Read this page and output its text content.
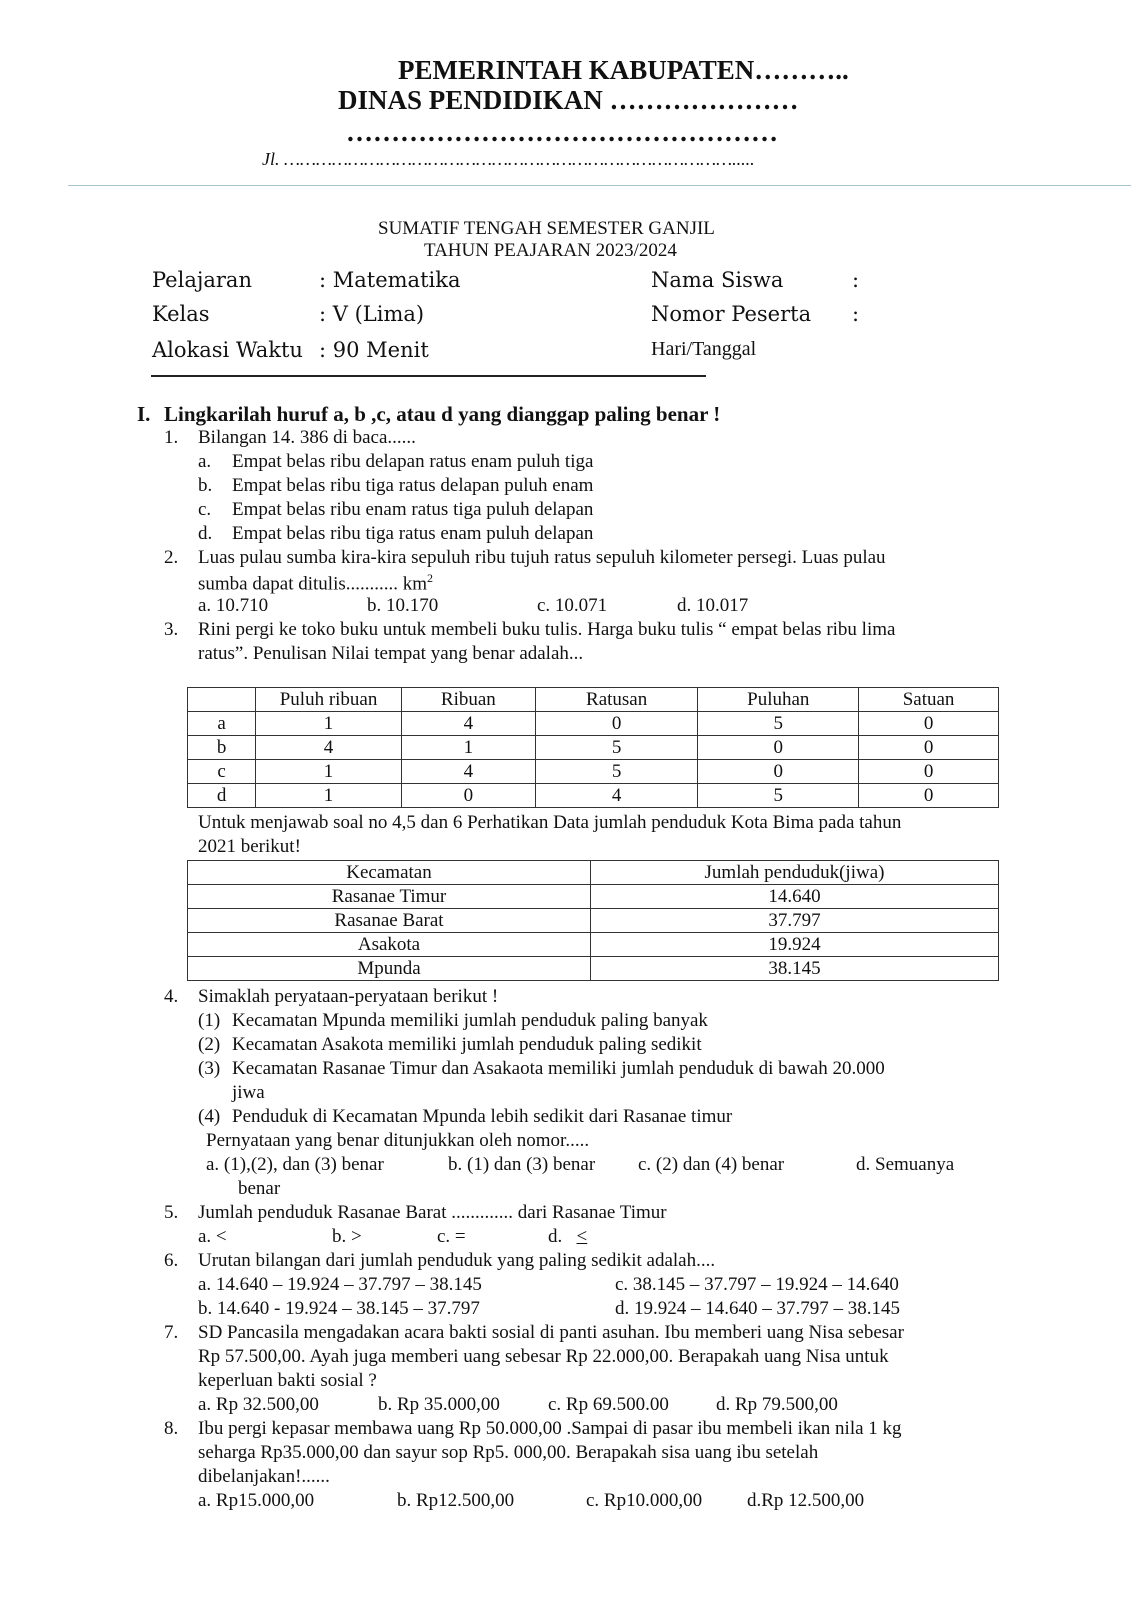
PEMERINTAH KABUPATEN………..
DINAS PENDIDIKAN …………………
…………………………………………
Jl. ………………………………………………………………………….....
SUMATIF TENGAH SEMESTER GANJIL
TAHUN PEAJARAN 2023/2024
Pelajaran	: Matematika
Kelas	: V (Lima)
Alokasi Waktu : 90 Menit
Nama Siswa	:
Nomor Peserta :
Hari/Tanggal
I. Lingkarilah huruf a, b ,c, atau d yang dianggap paling benar !
1. Bilangan 14. 386 di baca......
a. Empat belas ribu delapan ratus enam puluh tiga
b. Empat belas ribu tiga ratus delapan puluh enam
c. Empat belas ribu enam ratus tiga puluh delapan
d. Empat belas ribu tiga ratus enam puluh delapan
2. Luas pulau sumba kira-kira sepuluh ribu tujuh ratus sepuluh kilometer persegi. Luas pulau
sumba dapat ditulis........... $km^2$
a. 10.710	b. 10.170	c. 10.071	d. 10.017
3. Rini pergi ke toko buku untuk membeli buku tulis. Harga buku tulis “ empat belas ribu lima
ratus”. Penulisan Nilai tempat yang benar adalah...
	Puluh ribuan	Ribuan	Ratusan	Puluhan	Satuan
a	1	4	0	5	0
b	4	1	5	0	0
c	1	4	5	0	0
d	1	0	4	5	0
Untuk menjawab soal no 4,5 dan 6 Perhatikan Data jumlah penduduk Kota Bima pada tahun
2021 berikut!
Kecamatan	Jumlah penduduk(jiwa)
Rasanae Timur	14.640
Rasanae Barat	37.797
Asakota	19.924
Mpunda	38.145
4. Simaklah peryataan-peryataan berikut !
(1) Kecamatan Mpunda memiliki jumlah penduduk paling banyak
(2) Kecamatan Asakota memiliki jumlah penduduk paling sedikit
(3) Kecamatan Rasanae Timur dan Asakaota memiliki jumlah penduduk di bawah 20.000
jiwa
(4) Penduduk di Kecamatan Mpunda lebih sedikit dari Rasanae timur
Pernyataan yang benar ditunjukkan oleh nomor.....
a. (1),(2), dan (3) benar	b. (1) dan (3) benar c. (2) dan (4) benar	d. Semuanya
benar
5. Jumlah penduduk Rasanae Barat ............. dari Rasanae Timur
a. <	b. >	c. =	d. <
6. Urutan bilangan dari jumlah penduduk yang paling sedikit adalah....
a. 14.640 – 19.924 – 37.797 – 38.145	c. 38.145 – 37.797 – 19.924 – 14.640
b. 14.640 - 19.924 – 38.145 – 37.797	d. 19.924 – 14.640 – 37.797 – 38.145
7. SD Pancasila mengadakan acara bakti sosial di panti asuhan. Ibu memberi uang Nisa sebesar
Rp 57.500,00. Ayah juga memberi uang sebesar Rp 22.000,00. Berapakah uang Nisa untuk
keperluan bakti sosial ?
a. Rp 32.500,00	b. Rp 35.000,00	c. Rp 69.500.00 d. Rp 79.500,00
8. Ibu pergi kepasar membawa uang Rp 50.000,00 .Sampai di pasar ibu membeli ikan nila 1 kg
seharga Rp35.000,00 dan sayur sop Rp5. 000,00. Berapakah sisa uang ibu setelah
dibelanjakan!......
a. Rp15.000,00	b. Rp12.500,00	c. Rp10.000,00 d.Rp 12.500,00
